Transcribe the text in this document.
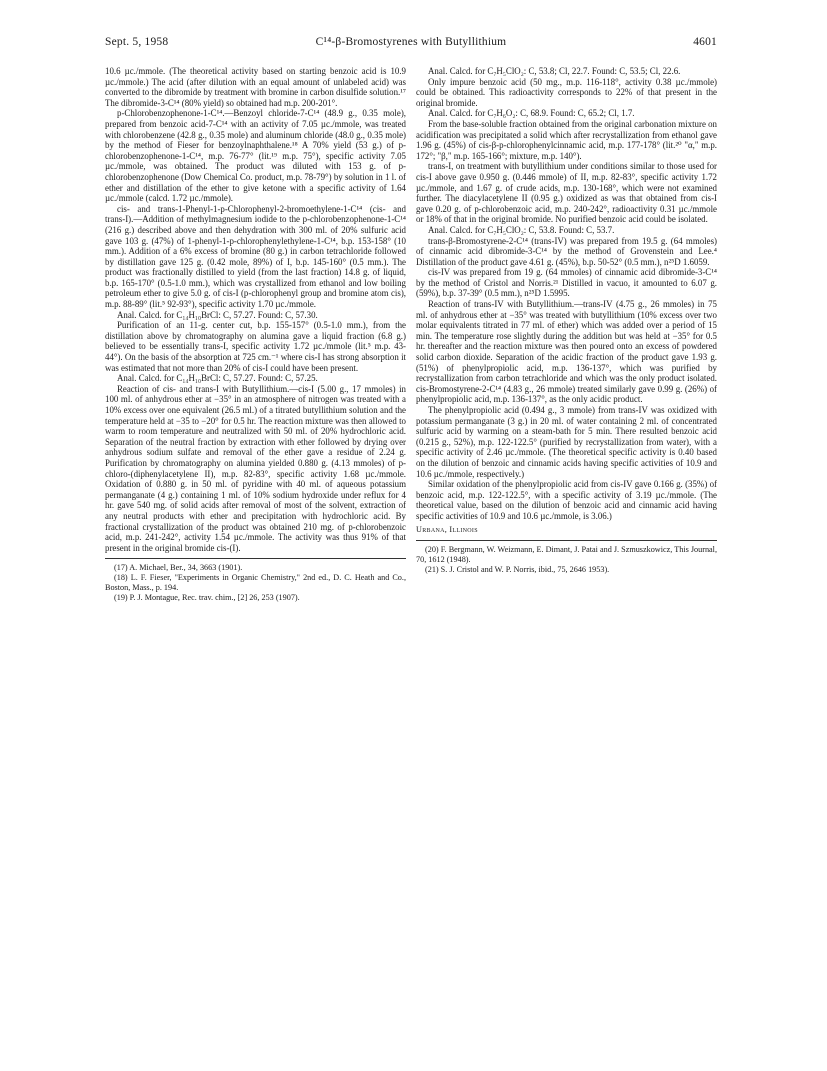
Sept. 5, 1958	C¹⁴-β-Bromostyrenes with Butyllithium	4601

10.6 µc./mmole. (The theoretical activity based on starting benzoic acid is 10.9 µc./mmole.) The acid (after dilution with an equal amount of unlabeled acid) was converted to the dibromide by treatment with bromine in carbon disulfide solution.¹⁷ The dibromide-3-C¹⁴ (80% yield) so obtained had m.p. 200-201°.

p-Chlorobenzophenone-1-C¹⁴.—Benzoyl chloride-7-C¹⁴ (48.9 g., 0.35 mole), prepared from benzoic acid-7-C¹⁴ with an activity of 7.05 µc./mmole, was treated with chlorobenzene (42.8 g., 0.35 mole) and aluminum chloride (48.0 g., 0.35 mole) by the method of Fieser for benzoylnaphthalene.¹⁸ A 70% yield (53 g.) of p-chlorobenzophenone-1-C¹⁴, m.p. 76-77° (lit.¹⁹ m.p. 75°), specific activity 7.05 µc./mmole, was obtained. The product was diluted with 153 g. of p-chlorobenzophenone (Dow Chemical Co. product, m.p. 78-79°) by solution in 1 l. of ether and distillation of the ether to give ketone with a specific activity of 1.64 µc./mmole (calcd. 1.72 µc./mmole).

cis- and trans-1-Phenyl-1-p-Chlorophenyl-2-bromoethylene-1-C¹⁴ (cis- and trans-I).—Addition of methylmagnesium iodide to the p-chlorobenzophenone-1-C¹⁴ (216 g.) described above and then dehydration with 300 ml. of 20% sulfuric acid gave 103 g. (47%) of 1-phenyl-1-p-chlorophenylethylene-1-C¹⁴, b.p. 153-158° (10 mm.). Addition of a 6% excess of bromine (80 g.) in carbon tetrachloride followed by distillation gave 125 g. (0.42 mole, 89%) of I, b.p. 145-160° (0.5 mm.). The product was fractionally distilled to yield (from the last fraction) 14.8 g. of liquid, b.p. 165-170° (0.5-1.0 mm.), which was crystallized from ethanol and low boiling petroleum ether to give 5.0 g. of cis-I (p-chlorophenyl group and bromine atom cis), m.p. 88-89° (lit.⁵ 92-93°), specific activity 1.70 µc./mmole.

Anal. Calcd. for C₁₄H₁₀BrCl: C, 57.27. Found: C, 57.30.

Purification of an 11-g. center cut, b.p. 155-157° (0.5-1.0 mm.), from the distillation above by chromatography on alumina gave a liquid fraction (6.8 g.) believed to be essentially trans-I, specific activity 1.72 µc./mmole (lit.⁵ m.p. 43-44°). On the basis of the absorption at 725 cm.⁻¹ where cis-I has strong absorption it was estimated that not more than 20% of cis-I could have been present.

Anal. Calcd. for C₁₄H₁₀BrCl: C, 57.27. Found: C, 57.25.

Reaction of cis- and trans-I with Butyllithium.—cis-I (5.00 g., 17 mmoles) in 100 ml. of anhydrous ether at −35° in an atmosphere of nitrogen was treated with a 10% excess over one equivalent (26.5 ml.) of a titrated butyllithium solution and the temperature held at −35 to −20° for 0.5 hr. The reaction mixture was then allowed to warm to room temperature and neutralized with 50 ml. of 20% hydrochloric acid. Separation of the neutral fraction by extraction with ether followed by drying over anhydrous sodium sulfate and removal of the ether gave a residue of 2.24 g. Purification by chromatography on alumina yielded 0.880 g. (4.13 mmoles) of p-chloro-(diphenylacetylene II), m.p. 82-83°, specific activity 1.68 µc./mmole. Oxidation of 0.880 g. in 50 ml. of pyridine with 40 ml. of aqueous potassium permanganate (4 g.) containing 1 ml. of 10% sodium hydroxide under reflux for 4 hr. gave 540 mg. of solid acids after removal of most of the solvent, extraction of any neutral products with ether and precipitation with hydrochloric acid. By fractional crystallization of the product was obtained 210 mg. of p-chlorobenzoic acid, m.p. 241-242°, activity 1.54 µc./mmole. The activity was thus 91% of that present in the original bromide cis-(I).

(17) A. Michael, Ber., 34, 3663 (1901).

(18) L. F. Fieser, "Experiments in Organic Chemistry," 2nd ed., D. C. Heath and Co., Boston, Mass., p. 194.

(19) P. J. Montague, Rec. trav. chim., [2] 26, 253 (1907).

Anal. Calcd. for C₇H₅ClO₂: C, 53.8; Cl, 22.7. Found: C, 53.5; Cl, 22.6.

Only impure benzoic acid (50 mg., m.p. 116-118°, activity 0.38 µc./mmole) could be obtained. This radioactivity corresponds to 22% of that present in the original bromide.

Anal. Calcd. for C₇H₆O₂: C, 68.9. Found: C, 65.2; Cl, 1.7.

From the base-soluble fraction obtained from the original carbonation mixture on acidification was precipitated a solid which after recrystallization from ethanol gave 1.96 g. (45%) of cis-β-p-chlorophenylcinnamic acid, m.p. 177-178° (lit.²⁰ "α," m.p. 172°; "β," m.p. 165-166°; mixture, m.p. 140°).

trans-I, on treatment with butyllithium under conditions similar to those used for cis-I above gave 0.950 g. (0.446 mmole) of II, m.p. 82-83°, specific activity 1.72 µc./mmole, and 1.67 g. of crude acids, m.p. 130-168°, which were not examined further. The diacylacetylene II (0.95 g.) oxidized as was that obtained from cis-I gave 0.20 g. of p-chlorobenzoic acid, m.p. 240-242°, radioactivity 0.31 µc./mmole or 18% of that in the original bromide. No purified benzoic acid could be isolated.

Anal. Calcd. for C₇H₅ClO₂: C, 53.8. Found: C, 53.7.

trans-β-Bromostyrene-2-C¹⁴ (trans-IV) was prepared from 19.5 g. (64 mmoles) of cinnamic acid dibromide-3-C¹⁴ by the method of Grovenstein and Lee.⁴ Distillation of the product gave 4.61 g. (45%), b.p. 50-52° (0.5 mm.), n²⁵D 1.6059.

cis-IV was prepared from 19 g. (64 mmoles) of cinnamic acid dibromide-3-C¹⁴ by the method of Cristol and Norris.²¹ Distilled in vacuo, it amounted to 6.07 g. (59%), b.p. 37-39° (0.5 mm.), n²⁵D 1.5995.

Reaction of trans-IV with Butyllithium.—trans-IV (4.75 g., 26 mmoles) in 75 ml. of anhydrous ether at −35° was treated with butyllithium (10% excess over two molar equivalents titrated in 77 ml. of ether) which was added over a period of 15 min. The temperature rose slightly during the addition but was held at −35° for 0.5 hr. thereafter and the reaction mixture was then poured onto an excess of powdered solid carbon dioxide. Separation of the acidic fraction of the product gave 1.93 g. (51%) of phenylpropiolic acid, m.p. 136-137°, which was purified by recrystallization from carbon tetrachloride and which was the only product isolated. cis-Bromostyrene-2-C¹⁴ (4.83 g., 26 mmole) treated similarly gave 0.99 g. (26%) of phenylpropiolic acid, m.p. 136-137°, as the only acidic product.

The phenylpropiolic acid (0.494 g., 3 mmole) from trans-IV was oxidized with potassium permanganate (3 g.) in 20 ml. of water containing 2 ml. of concentrated sulfuric acid by warming on a steam-bath for 5 min. There resulted benzoic acid (0.215 g., 52%), m.p. 122-122.5° (purified by recrystallization from water), with a specific activity of 2.46 µc./mmole. (The theoretical specific activity is 0.40 based on the dilution of benzoic and cinnamic acids having specific activities of 10.9 and 10.6 µc./mmole, respectively.)

Similar oxidation of the phenylpropiolic acid from cis-IV gave 0.166 g. (35%) of benzoic acid, m.p. 122-122.5°, with a specific activity of 3.19 µc./mmole. (The theoretical value, based on the dilution of benzoic acid and cinnamic acid having specific activities of 10.9 and 10.6 µc./mmole, is 3.06.)

Urbana, Illinois

(20) F. Bergmann, W. Weizmann, E. Dimant, J. Patai and J. Szmuszkowicz, This Journal, 70, 1612 (1948).

(21) S. J. Cristol and W. P. Norris, ibid., 75, 2646 1953).
